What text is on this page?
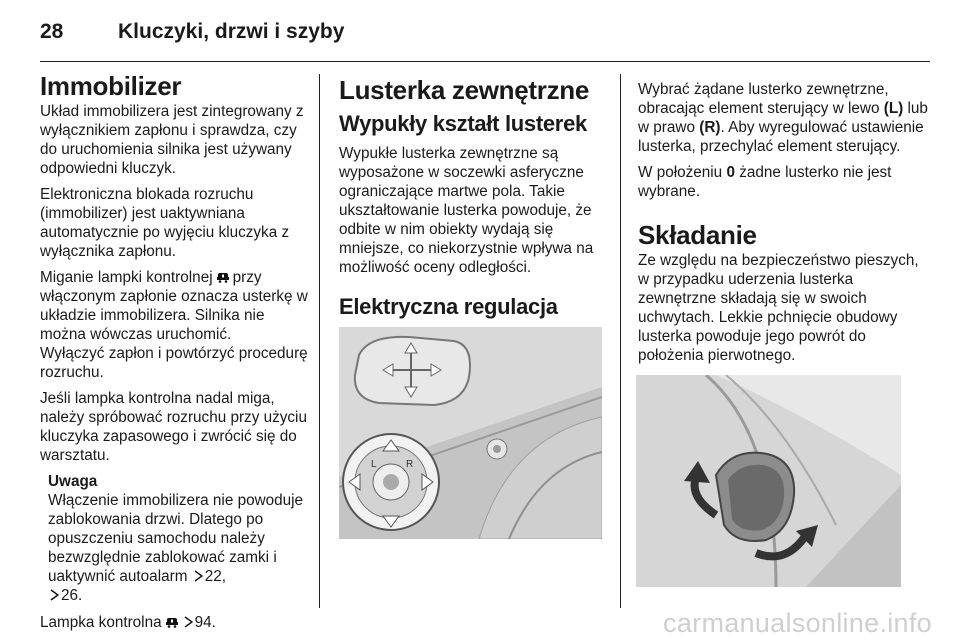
28	Kluczyki, drzwi i szyby
Immobilizer

Układ immobilizera jest zintegrowany z wyłącznikiem zapłonu i sprawdza, czy do uruchomienia silnika jest używany odpowiedni kluczyk.

Elektroniczna blokada rozruchu (immobilizer) jest uaktywniana automatycznie po wyjęciu kluczyka z wyłącznika zapłonu.

Miganie lampki kontrolnej przy włączonym zapłonie oznacza usterkę w układzie immobilizera. Silnika nie można wówczas uruchomić.

Wyłączyć zapłon i powtórzyć procedurę rozruchu.

Jeśli lampka kontrolna nadal miga, należy spróbować rozruchu przy użyciu kluczyka zapasowego i zwrócić się do warsztatu.

Uwaga

Włączenie immobilizera nie powoduje zablokowania drzwi. Dlatego po opuszczeniu samochodu należy bezwzględnie zablokować zamki i uaktywnić autoalarm 22,
26.

Lampka kontrolna 94.

Lusterka zewnętrzne
Wypukły kształt lusterek

Wypukłe lusterka zewnętrzne są wyposażone w soczewki asferyczne ograniczające martwe pola. Takie ukształtowanie lusterka powoduje, że odbite w nim obiekty wydają się mniejsze, co niekorzystnie wpływa na możliwość oceny odległości.

Elektryczna regulacja
L	R

Wybrać żądane lusterko zewnętrzne, obracając element sterujący w lewo (L) lub w prawo (R). Aby wyregulować ustawienie lusterka, przechylać element sterujący.

W położeniu 0 żadne lusterko nie jest wybrane.

Składanie

Ze względu na bezpieczeństwo pieszych, w przypadku uderzenia lusterka zewnętrzne składają się w swoich uchwytach. Lekkie pchnięcie obudowy lusterka powoduje jego powrót do położenia pierwotnego.

carmanualsonline.info
